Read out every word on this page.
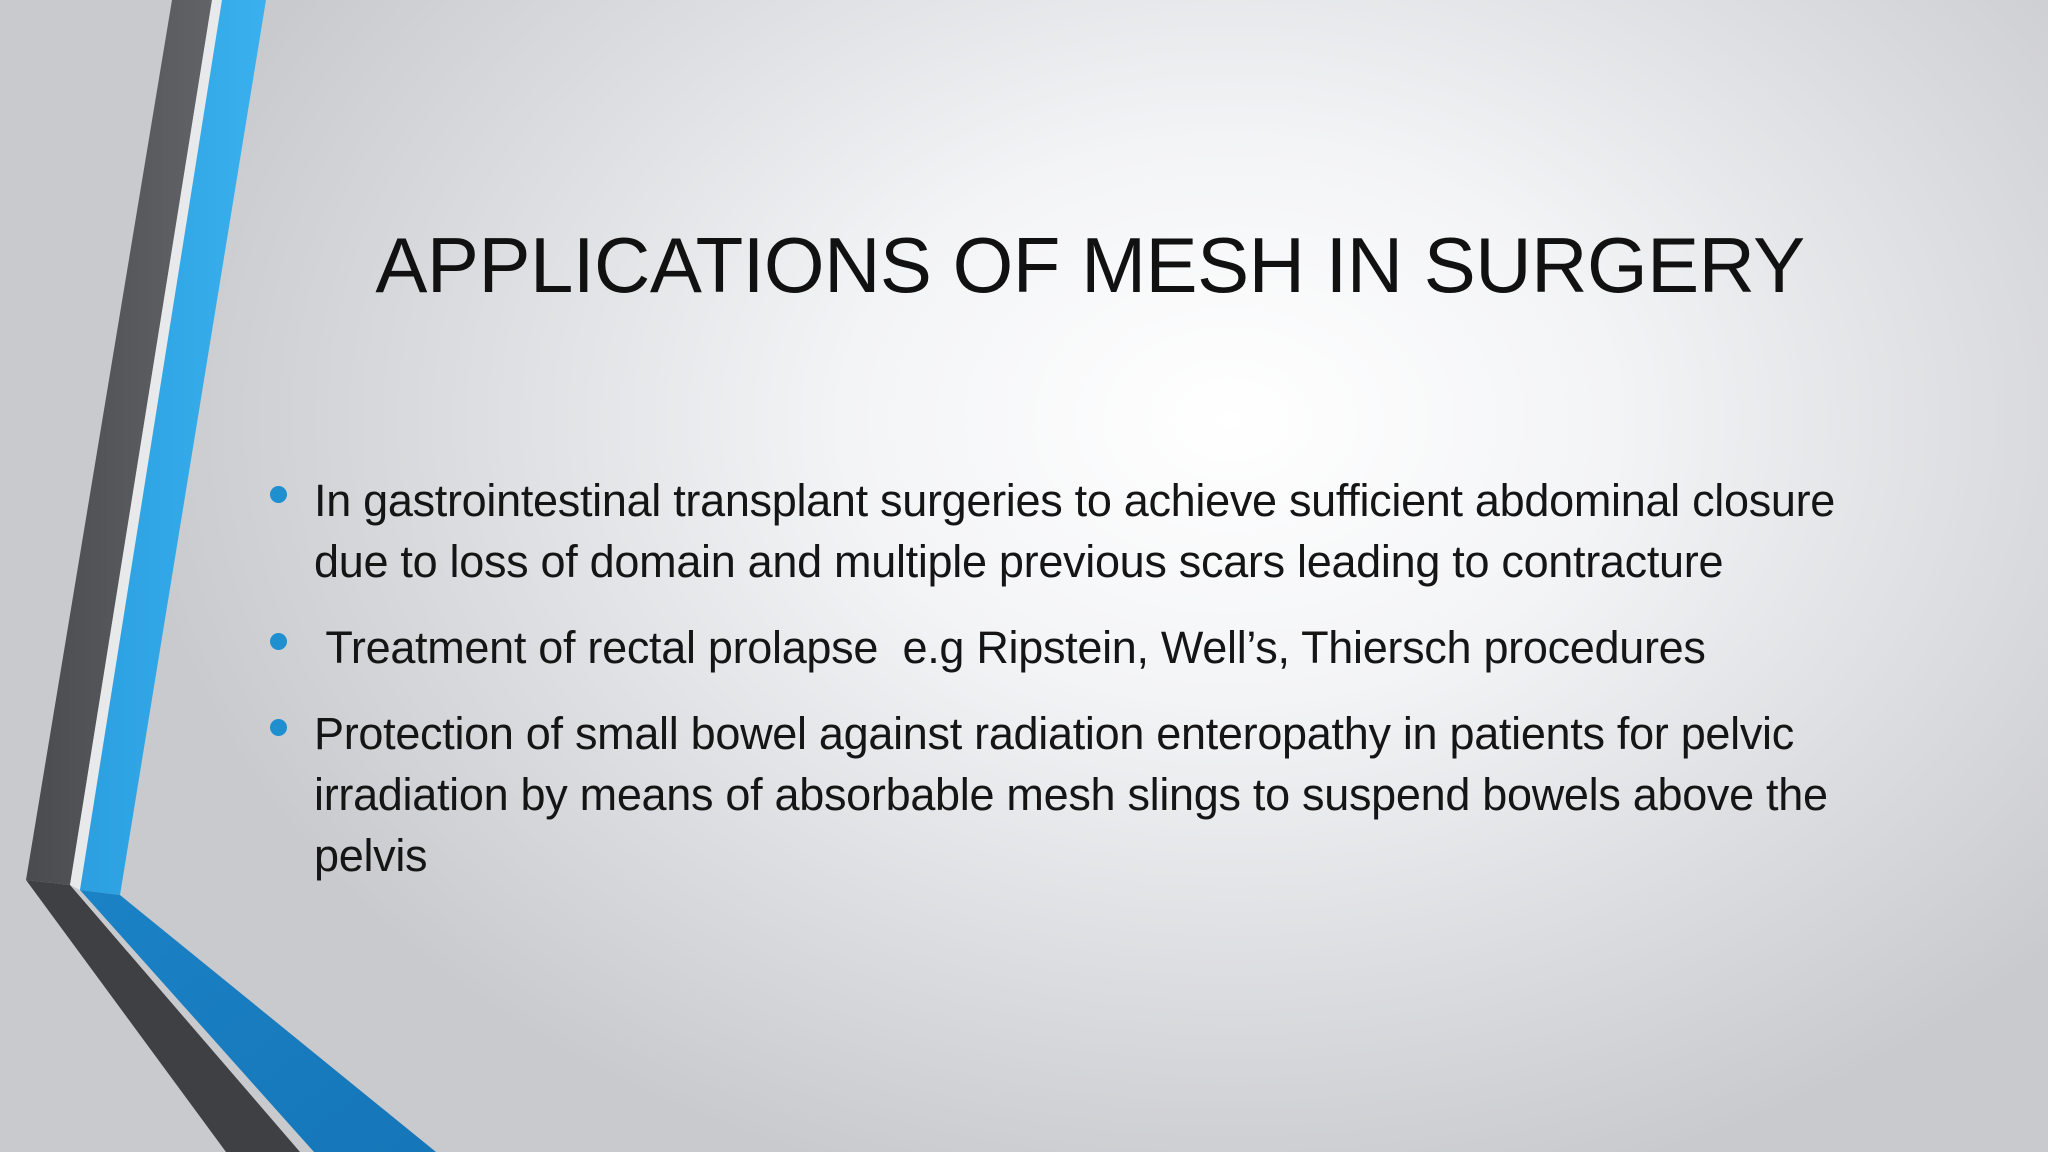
APPLICATIONS OF MESH IN SURGERY
In gastrointestinal transplant surgeries to achieve sufficient abdominal closure due to loss of domain and multiple previous scars leading to contracture
Treatment of rectal prolapse  e.g Ripstein, Well’s, Thiersch procedures
Protection of small bowel against radiation enteropathy in patients for pelvic irradiation by means of absorbable mesh slings to suspend bowels above the pelvis
